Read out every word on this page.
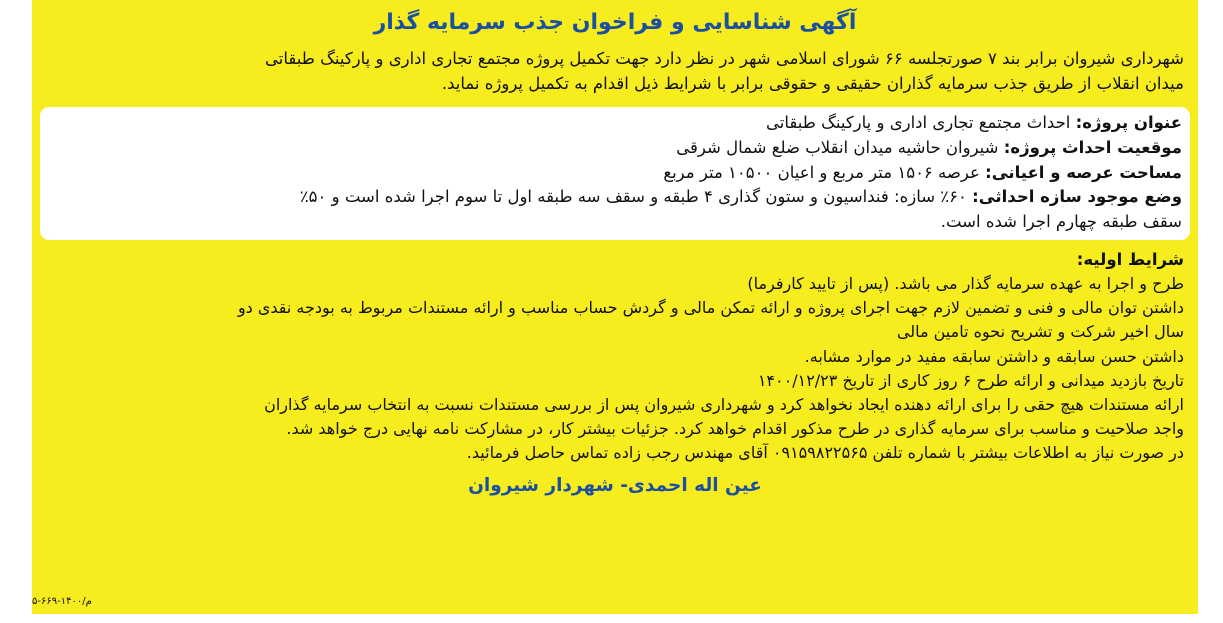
آگهی شناسایی و فراخوان جذب سرمایه گذار
شهرداری شیروان برابر بند ۷ صورتجلسه ۶۶ شورای اسلامی شهر در نظر دارد جهت تکمیل پروژه مجتمع تجاری اداری و پارکینگ طبقاتی
میدان انقلاب از طریق جذب سرمایه گذاران حقیقی و حقوقی برابر با شرایط ذیل اقدام به تکمیل پروژه نماید.
عنوان پروژه: احداث مجتمع تجاری اداری و پارکینگ طبقاتی
موقعیت احداث پروژه: شیروان حاشیه میدان انقلاب ضلع شمال شرقی
مساحت عرصه و اعیانی: عرصه ۱۵۰۶ متر مربع و اعیان ۱۰۵۰۰ متر مربع
وضع موجود سازه احداثی: ۶۰٪ سازه: فنداسیون و ستون گذاری ۴ طبقه و سقف سه طبقه اول تا سوم اجرا شده است و ۵۰٪
سقف طبقه چهارم اجرا شده است.
شرایط اولیه:
طرح و اجرا به عهده سرمایه گذار می باشد. (پس از تایید کارفرما)
داشتن توان مالی و فنی و تضمین لازم جهت اجرای پروژه و ارائه تمکن مالی و گردش حساب مناسب و ارائه مستندات مربوط به بودجه نقدی دو
سال اخیر شرکت و تشریح نحوه تامین مالی
داشتن حسن سابقه و داشتن سابقه مفید در موارد مشابه.
تاریخ بازدید میدانی و ارائه طرح ۶ روز کاری از تاریخ ۱۴۰۰/۱۲/۲۳
ارائه مستندات هیچ حقی را برای ارائه دهنده ایجاد نخواهد کرد و شهرداری شیروان پس از بررسی مستندات نسبت به انتخاب سرمایه گذاران
واجد صلاحیت و مناسب برای سرمایه گذاری در طرح مذکور اقدام خواهد کرد. جزئیات بیشتر کار، در مشارکت نامه نهایی درج خواهد شد.
در صورت نیاز به اطلاعات بیشتر با شماره تلفن ۰۹۱۵۹۸۲۲۵۶۵ آقای مهندس رجب زاده تماس حاصل فرمائید.
عین اله احمدی- شهردار شیروان
م/۱۴۰۰-۶۶۹-۵
